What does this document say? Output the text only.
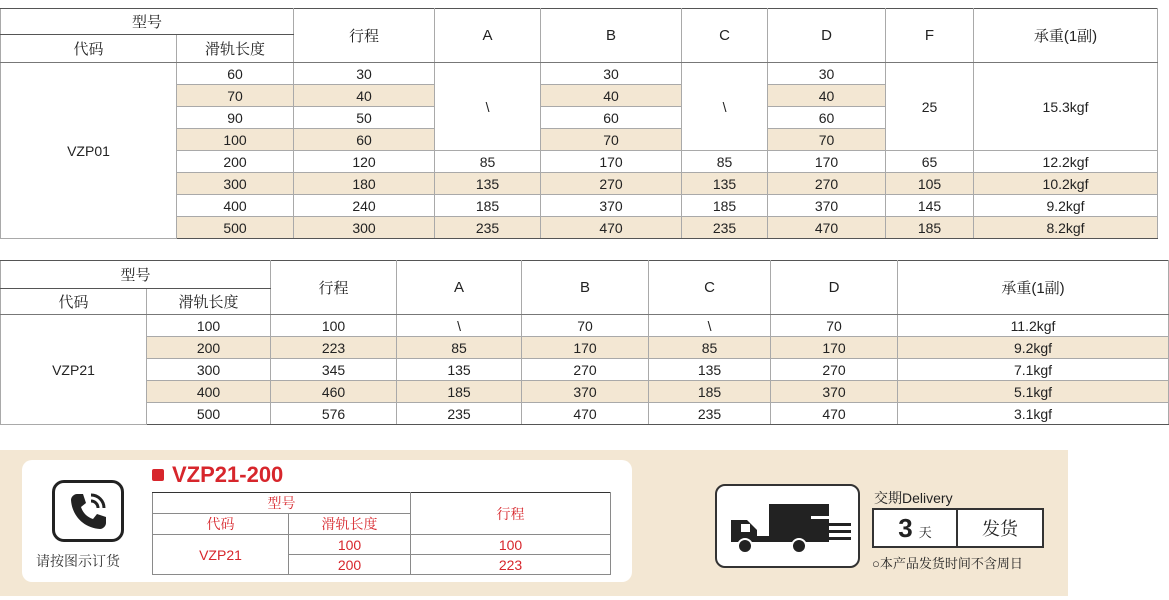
型号		行程	A	B	C	D	F	承重(1副)
代码	滑轨长度							
VZP01	60	30	\	30	\	30	25	15.3kgf
	70	40		40		40		
	90	50		60		60		
	100	60		70		70		
	200	120	85	170	85	170	65	12.2kgf
	300	180	135	270	135	270	105	10.2kgf
	400	240	185	370	185	370	145	9.2kgf
	500	300	235	470	235	470	185	8.2kgf
型号		行程	A	B	C	D	承重(1副)
代码	滑轨长度						
VZP21	100	100	\	70	\	70	11.2kgf
	200	223	85	170	85	170	9.2kgf
	300	345	135	270	135	270	7.1kgf
	400	460	185	370	185	370	5.1kgf
	500	576	235	470	235	470	3.1kgf
请按图示订货
VZP21-200
型号		行程
代码	滑轨长度	
VZP21	100	100
	200	223
交期Delivery
3 天	发货
○本产品发货时间不含周日
